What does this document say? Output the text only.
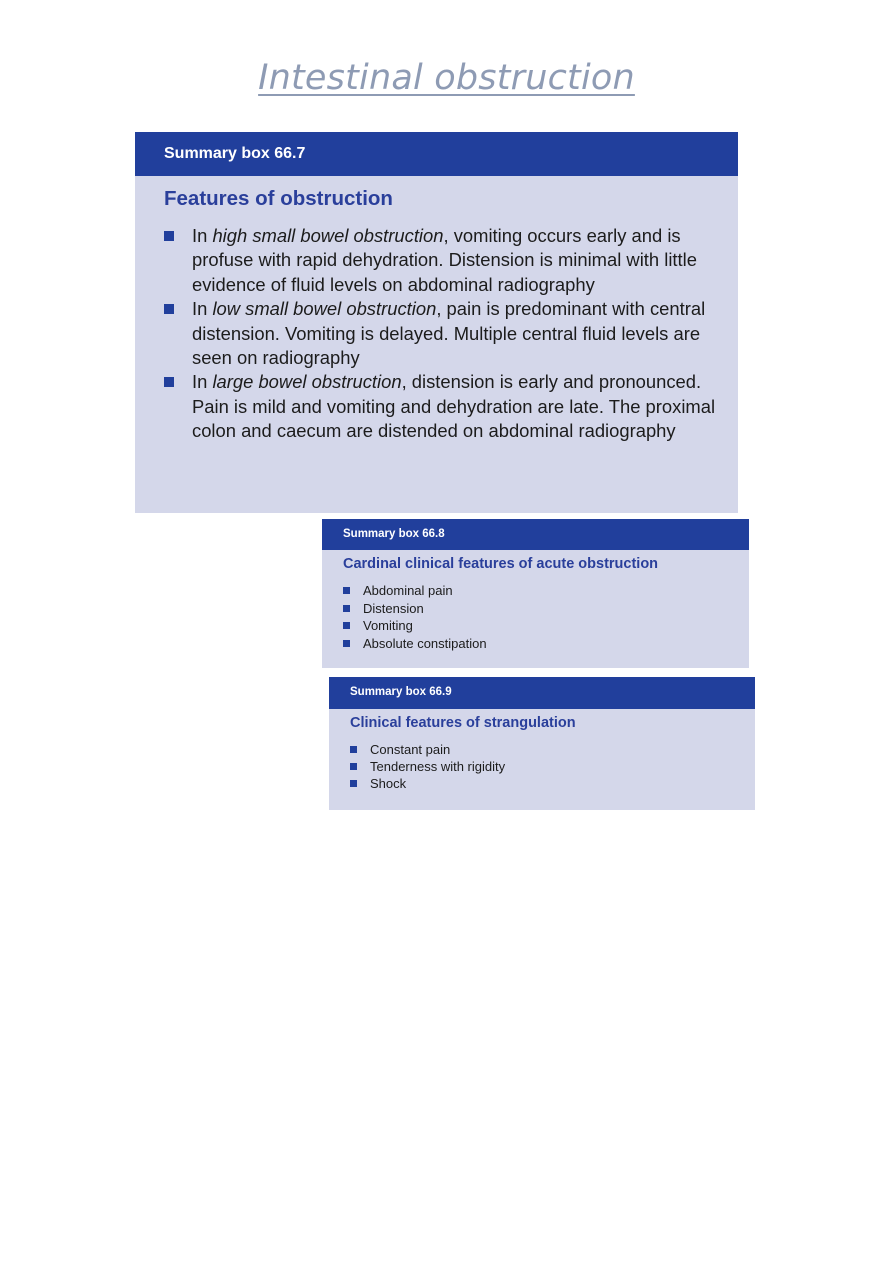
Intestinal obstruction
Summary box 66.7
Features of obstruction
In high small bowel obstruction, vomiting occurs early and is profuse with rapid dehydration. Distension is minimal with little evidence of fluid levels on abdominal radiography
In low small bowel obstruction, pain is predominant with central distension. Vomiting is delayed. Multiple central fluid levels are seen on radiography
In large bowel obstruction, distension is early and pronounced. Pain is mild and vomiting and dehydration are late. The proximal colon and caecum are distended on abdominal radiography
Summary box 66.8
Cardinal clinical features of acute obstruction
Abdominal pain
Distension
Vomiting
Absolute constipation
Summary box 66.9
Clinical features of strangulation
Constant pain
Tenderness with rigidity
Shock
